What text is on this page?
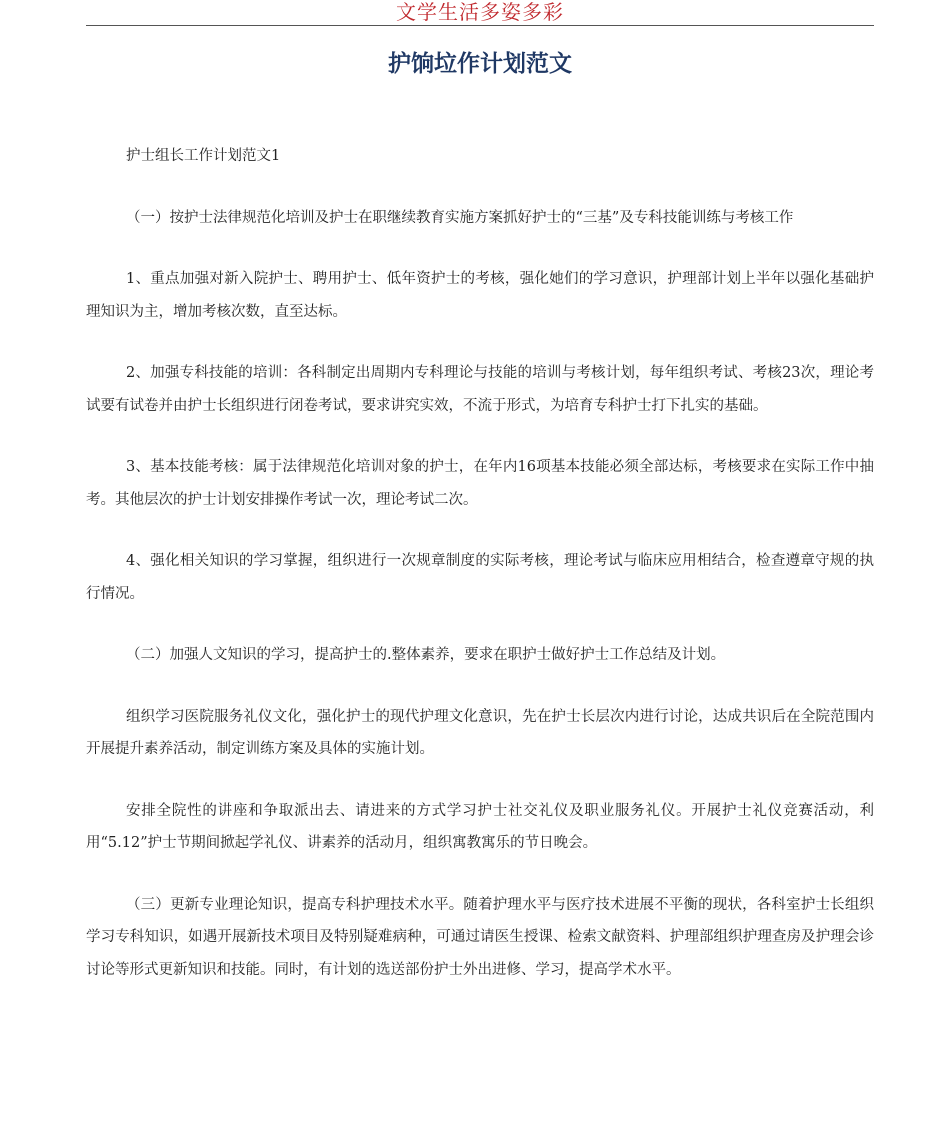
文学生活多姿多彩
护饷垃作计划范文

护士组长工作计划范文1

（一）按护士法律规范化培训及护士在职继续教育实施方案抓好护士的“三基”及专科技能训练与考核工作

1、重点加强对新入院护士、聘用护士、低年资护士的考核，强化她们的学习意识，护理部计划上半年以强化基础护理知识为主，增加考核次数，直至达标。

2、加强专科技能的培训：各科制定出周期内专科理论与技能的培训与考核计划，每年组织考试、考核23次，理论考试要有试卷并由护士长组织进行闭卷考试，要求讲究实效，不流于形式，为培育专科护士打下扎实的基础。

3、基本技能考核：属于法律规范化培训对象的护士，在年内16项基本技能必须全部达标，考核要求在实际工作中抽考。其他层次的护士计划安排操作考试一次，理论考试二次。

4、强化相关知识的学习掌握，组织进行一次规章制度的实际考核，理论考试与临床应用相结合，检查遵章守规的执行情况。

（二）加强人文知识的学习，提高护士的.整体素养，要求在职护士做好护士工作总结及计划。

组织学习医院服务礼仪文化，强化护士的现代护理文化意识，先在护士长层次内进行讨论，达成共识后在全院范围内开展提升素养活动，制定训练方案及具体的实施计划。

安排全院性的讲座和争取派出去、请进来的方式学习护士社交礼仪及职业服务礼仪。开展护士礼仪竞赛活动，利用“5.12”护士节期间掀起学礼仪、讲素养的活动月，组织寓教寓乐的节日晚会。

（三）更新专业理论知识，提高专科护理技术水平。随着护理水平与医疗技术进展不平衡的现状，各科室护士长组织学习专科知识，如遇开展新技术项目及特别疑难病种，可通过请医生授课、检索文献资料、护理部组织护理查房及护理会诊讨论等形式更新知识和技能。同时，有计划的选送部份护士外出进修、学习，提高学术水平。
